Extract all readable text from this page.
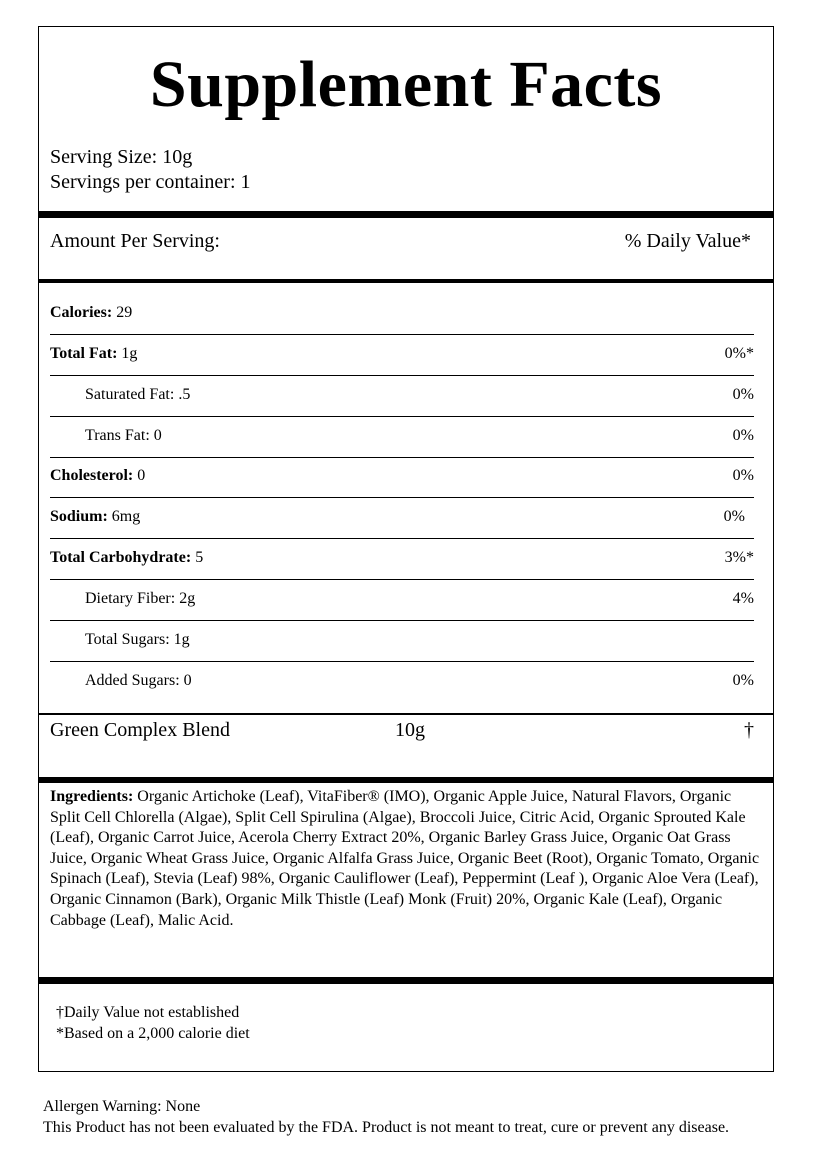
Supplement Facts
Serving Size: 10g
Servings per container: 1
Amount Per Serving:	% Daily Value*
Calories: 29
Total Fat: 1g	0%*
Saturated Fat: .5	0%
Trans Fat: 0	0%
Cholesterol: 0	0%
Sodium: 6mg	0%
Total Carbohydrate: 5	3%*
Dietary Fiber: 2g	4%
Total Sugars: 1g
Added Sugars: 0	0%
Green Complex Blend	10g	†
Ingredients: Organic Artichoke (Leaf), VitaFiber® (IMO), Organic Apple Juice, Natural Flavors, Organic Split Cell Chlorella (Algae), Split Cell Spirulina (Algae), Broccoli Juice, Citric Acid, Organic Sprouted Kale (Leaf), Organic Carrot Juice, Acerola Cherry Extract 20%, Organic Barley Grass Juice, Organic Oat Grass Juice, Organic Wheat Grass Juice, Organic Alfalfa Grass Juice, Organic Beet (Root), Organic Tomato, Organic Spinach (Leaf), Stevia (Leaf) 98%, Organic Cauliflower (Leaf), Peppermint (Leaf ), Organic Aloe Vera (Leaf), Organic Cinnamon (Bark), Organic Milk Thistle (Leaf) Monk (Fruit) 20%, Organic Kale (Leaf), Organic Cabbage (Leaf), Malic Acid.
†Daily Value not established
*Based on a 2,000 calorie diet
Allergen Warning: None
This Product has not been evaluated by the FDA. Product is not meant to treat, cure or prevent any disease.
